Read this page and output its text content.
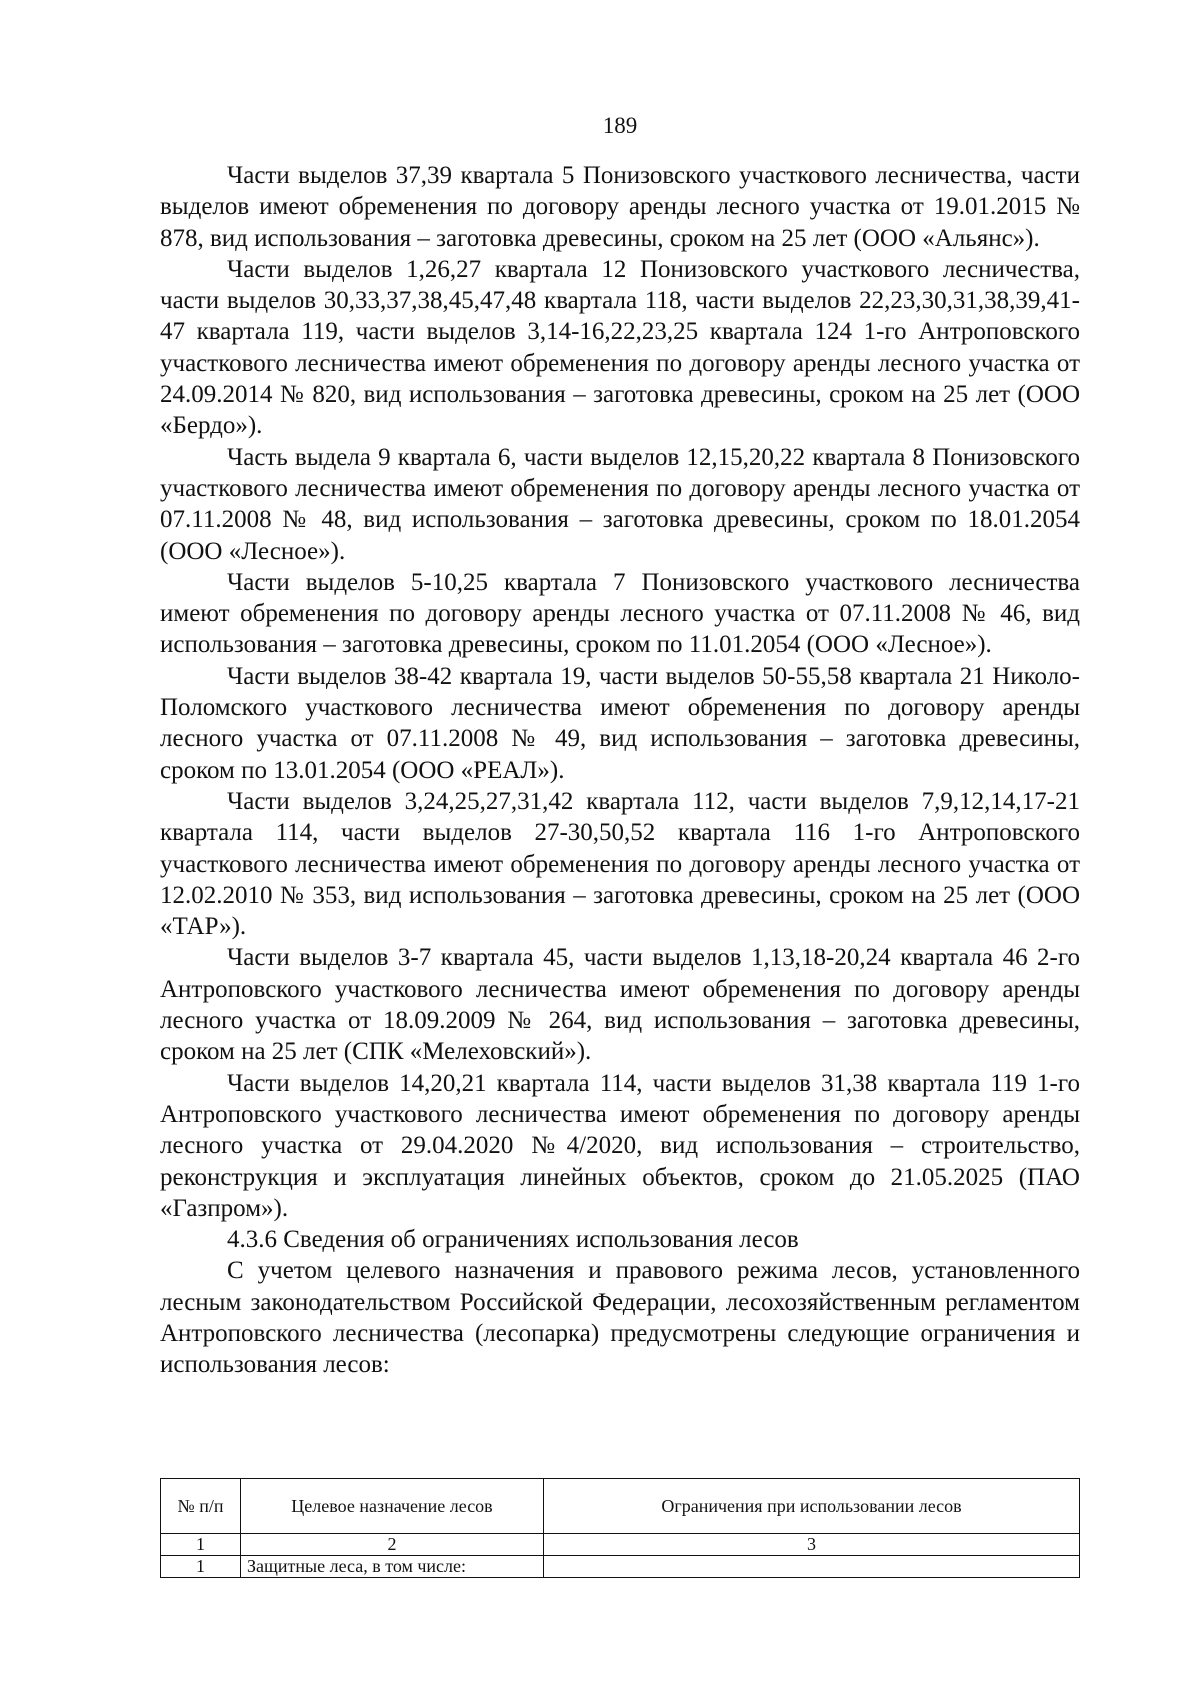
189

Части выделов 37,39 квартала 5 Понизовского участкового лесничества, части выделов имеют обременения по договору аренды лесного участка от 19.01.2015 № 878, вид использования – заготовка древесины, сроком на 25 лет (ООО «Альянс»).

Части выделов 1,26,27 квартала 12 Понизовского участкового лесничества, части выделов 30,33,37,38,45,47,48 квартала 118, части выделов 22,23,30,31,38,39,41-47 квартала 119, части выделов 3,14-16,22,23,25 квартала 124 1-го Антроповского участкового лесничества имеют обременения по договору аренды лесного участка от 24.09.2014 № 820, вид использования – заготовка древесины, сроком на 25 лет (ООО «Бердо»).

Часть выдела 9 квартала 6, части выделов 12,15,20,22 квартала 8 Понизовского участкового лесничества имеют обременения по договору аренды лесного участка от 07.11.2008 № 48, вид использования – заготовка древесины, сроком по 18.01.2054 (ООО «Лесное»).

Части выделов 5-10,25 квартала 7 Понизовского участкового лесничества имеют обременения по договору аренды лесного участка от 07.11.2008 № 46, вид использования – заготовка древесины, сроком по 11.01.2054 (ООО «Лесное»).

Части выделов 38-42 квартала 19, части выделов 50-55,58 квартала 21 Николо-Поломского участкового лесничества имеют обременения по договору аренды лесного участка от 07.11.2008 № 49, вид использования – заготовка древесины, сроком по 13.01.2054 (ООО «РЕАЛ»).

Части выделов 3,24,25,27,31,42 квартала 112, части выделов 7,9,12,14,17-21 квартала 114, части выделов 27-30,50,52 квартала 116 1-го Антроповского участкового лесничества имеют обременения по договору аренды лесного участка от 12.02.2010 № 353, вид использования – заготовка древесины, сроком на 25 лет (ООО «ТАР»).

Части выделов 3-7 квартала 45, части выделов 1,13,18-20,24 квартала 46 2-го Антроповского участкового лесничества имеют обременения по договору аренды лесного участка от 18.09.2009 № 264, вид использования – заготовка древесины, сроком на 25 лет (СПК «Мелеховский»).

Части выделов 14,20,21 квартала 114, части выделов 31,38 квартала 119 1-го Антроповского участкового лесничества имеют обременения по договору аренды лесного участка от 29.04.2020 №4/2020, вид использования – строительство, реконструкция и эксплуатация линейных объектов, сроком до 21.05.2025 (ПАО «Газпром»).

4.3.6 Сведения об ограничениях использования лесов

С учетом целевого назначения и правового режима лесов, установленного лесным законодательством Российской Федерации, лесохозяйственным регламентом Антроповского лесничества (лесопарка) предусмотрены следующие ограничения и использования лесов:

№ п/п	Целевое назначение лесов	Ограничения при использовании лесов
1	2	3
1	Защитные леса, в том числе:	
